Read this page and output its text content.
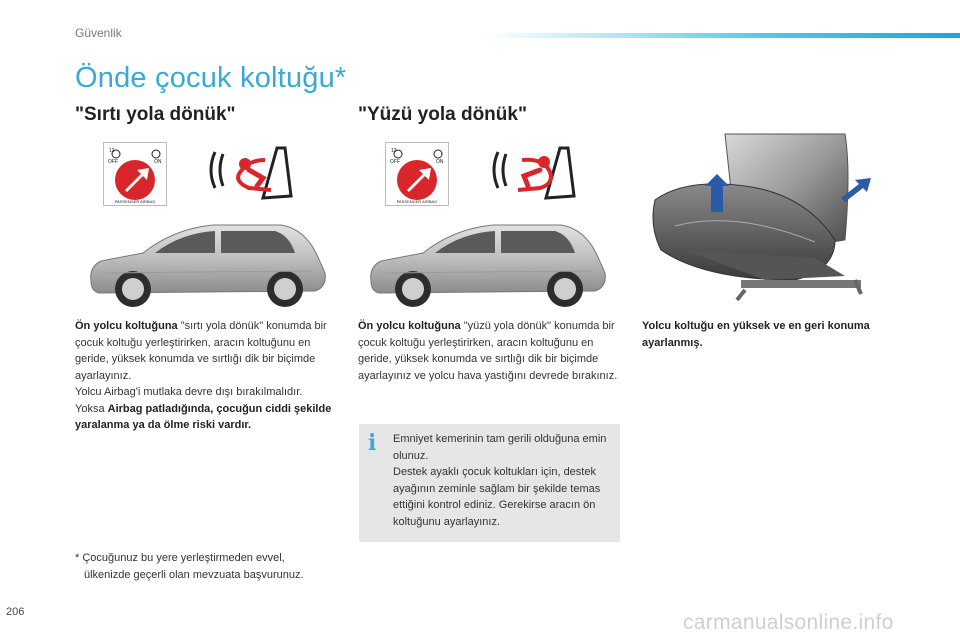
Güvenlik
Önde çocuk koltuğu*
"Sırtı yola dönük"	"Yüzü yola dönük"
12
OFF	ON
PASSENGER AIRBAG
12
OFF	ON
PASSENGER AIRBAG
Ön yolcu koltuğuna "sırtı yola dönük" konumda bir çocuk koltuğu yerleştirirken, aracın koltuğunu en geride, yüksek konumda ve sırtlığı dik bir biçimde ayarlayınız.
Yolcu Airbag'i mutlaka devre dışı bırakılmalıdır.
Yoksa Airbag patladığında, çocuğun ciddi şekilde yaralanma ya da ölme riski vardır.
Ön yolcu koltuğuna "yüzü yola dönük" konumda bir çocuk koltuğu yerleştirirken, aracın koltuğunu en geride, yüksek konumda ve sırtlığı dik bir biçimde ayarlayınız ve yolcu hava yastığını devrede bırakınız.
Yolcu koltuğu en yüksek ve en geri konuma ayarlanmış.
i Emniyet kemerinin tam gerili olduğuna emin olunuz.
Destek ayaklı çocuk koltukları için, destek ayağının zeminle sağlam bir şekilde temas ettiğini kontrol ediniz. Gerekirse aracın ön koltuğunu ayarlayınız.
* Çocuğunuz bu yere yerleştirmeden evvel,
ülkenizde geçerli olan mevzuata başvurunuz.
206	carmanualsonline.info
